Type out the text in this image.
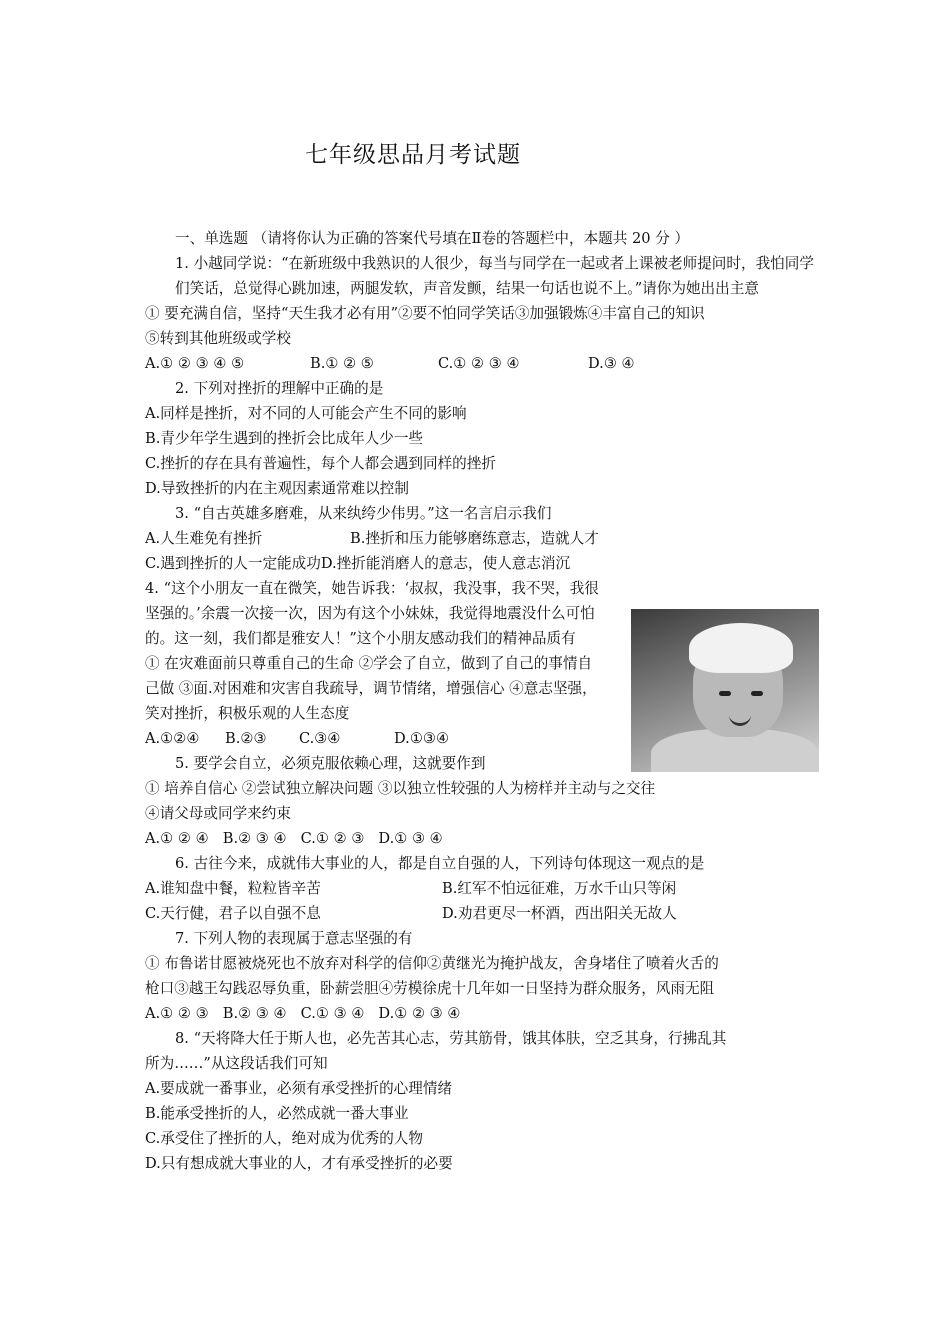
七年级思品月考试题

一、单选题 （请将你认为正确的答案代号填在Ⅱ卷的答题栏中，本题共 20 分 ）

1. 小越同学说：“在新班级中我熟识的人很少，每当与同学在一起或者上课被老师提问时，我怕同学们笑话，总觉得心跳加速，两腿发软，声音发颤，结果一句话也说不上。”请你为她出出主意

① 要充满自信，坚持“天生我才必有用”②要不怕同学笑话③加强锻炼④丰富自己的知识

⑤转到其他班级或学校

A.① ② ③ ④ ⑤	B.① ② ⑤	C.① ② ③ ④	D.③ ④

2. 下列对挫折的理解中正确的是

A.同样是挫折，对不同的人可能会产生不同的影响

B.青少年学生遇到的挫折会比成年人少一些

C.挫折的存在具有普遍性，每个人都会遇到同样的挫折

D.导致挫折的内在主观因素通常难以控制

3. “自古英雄多磨难，从来纨绔少伟男。”这一名言启示我们

A.人生难免有挫折	B.挫折和压力能够磨练意志，造就人才

C.遇到挫折的人一定能成功D.挫折能消磨人的意志，使人意志消沉

4. “这个小朋友一直在微笑，她告诉我：‘叔叔，我没事，我不哭，我很坚强的。’余震一次接一次，因为有这个小妹妹，我觉得地震没什么可怕的。这一刻，我们都是雅安人！”这个小朋友感动我们的精神品质有

① 在灾难面前只尊重自己的生命 ②学会了自立，做到了自己的事情自己做 ③面.对困难和灾害自我疏导，调节情绪，增强信心 ④意志坚强，笑对挫折，积极乐观的人生态度

A.①②④ B.②③ C.③④	D.①③④

5. 要学会自立，必须克服依赖心理，这就要作到

① 培养自信心 ②尝试独立解决问题 ③以独立性较强的人为榜样并主动与之交往

④请父母或同学来约束

A.① ② ④ B.② ③ ④ C.① ② ③ D.① ③ ④

6. 古往今来，成就伟大事业的人，都是自立自强的人，下列诗句体现这一观点的是

A.谁知盘中餐，粒粒皆辛苦	B.红军不怕远征难，万水千山只等闲

C.天行健，君子以自强不息	D.劝君更尽一杯酒，西出阳关无故人

7. 下列人物的表现属于意志坚强的有

① 布鲁诺甘愿被烧死也不放弃对科学的信仰②黄继光为掩护战友，舍身堵住了喷着火舌的

枪口③越王勾践忍辱负重，卧薪尝胆④劳模徐虎十几年如一日坚持为群众服务，风雨无阻

A.① ② ③ B.② ③ ④ C.① ③ ④ D.① ② ③ ④

8. “天将降大任于斯人也，必先苦其心志，劳其筋骨，饿其体肤，空乏其身，行拂乱其

所为……”从这段话我们可知

A.要成就一番事业，必须有承受挫折的心理情绪

B.能承受挫折的人，必然成就一番大事业

C.承受住了挫折的人，绝对成为优秀的人物

D.只有想成就大事业的人，才有承受挫折的必要
